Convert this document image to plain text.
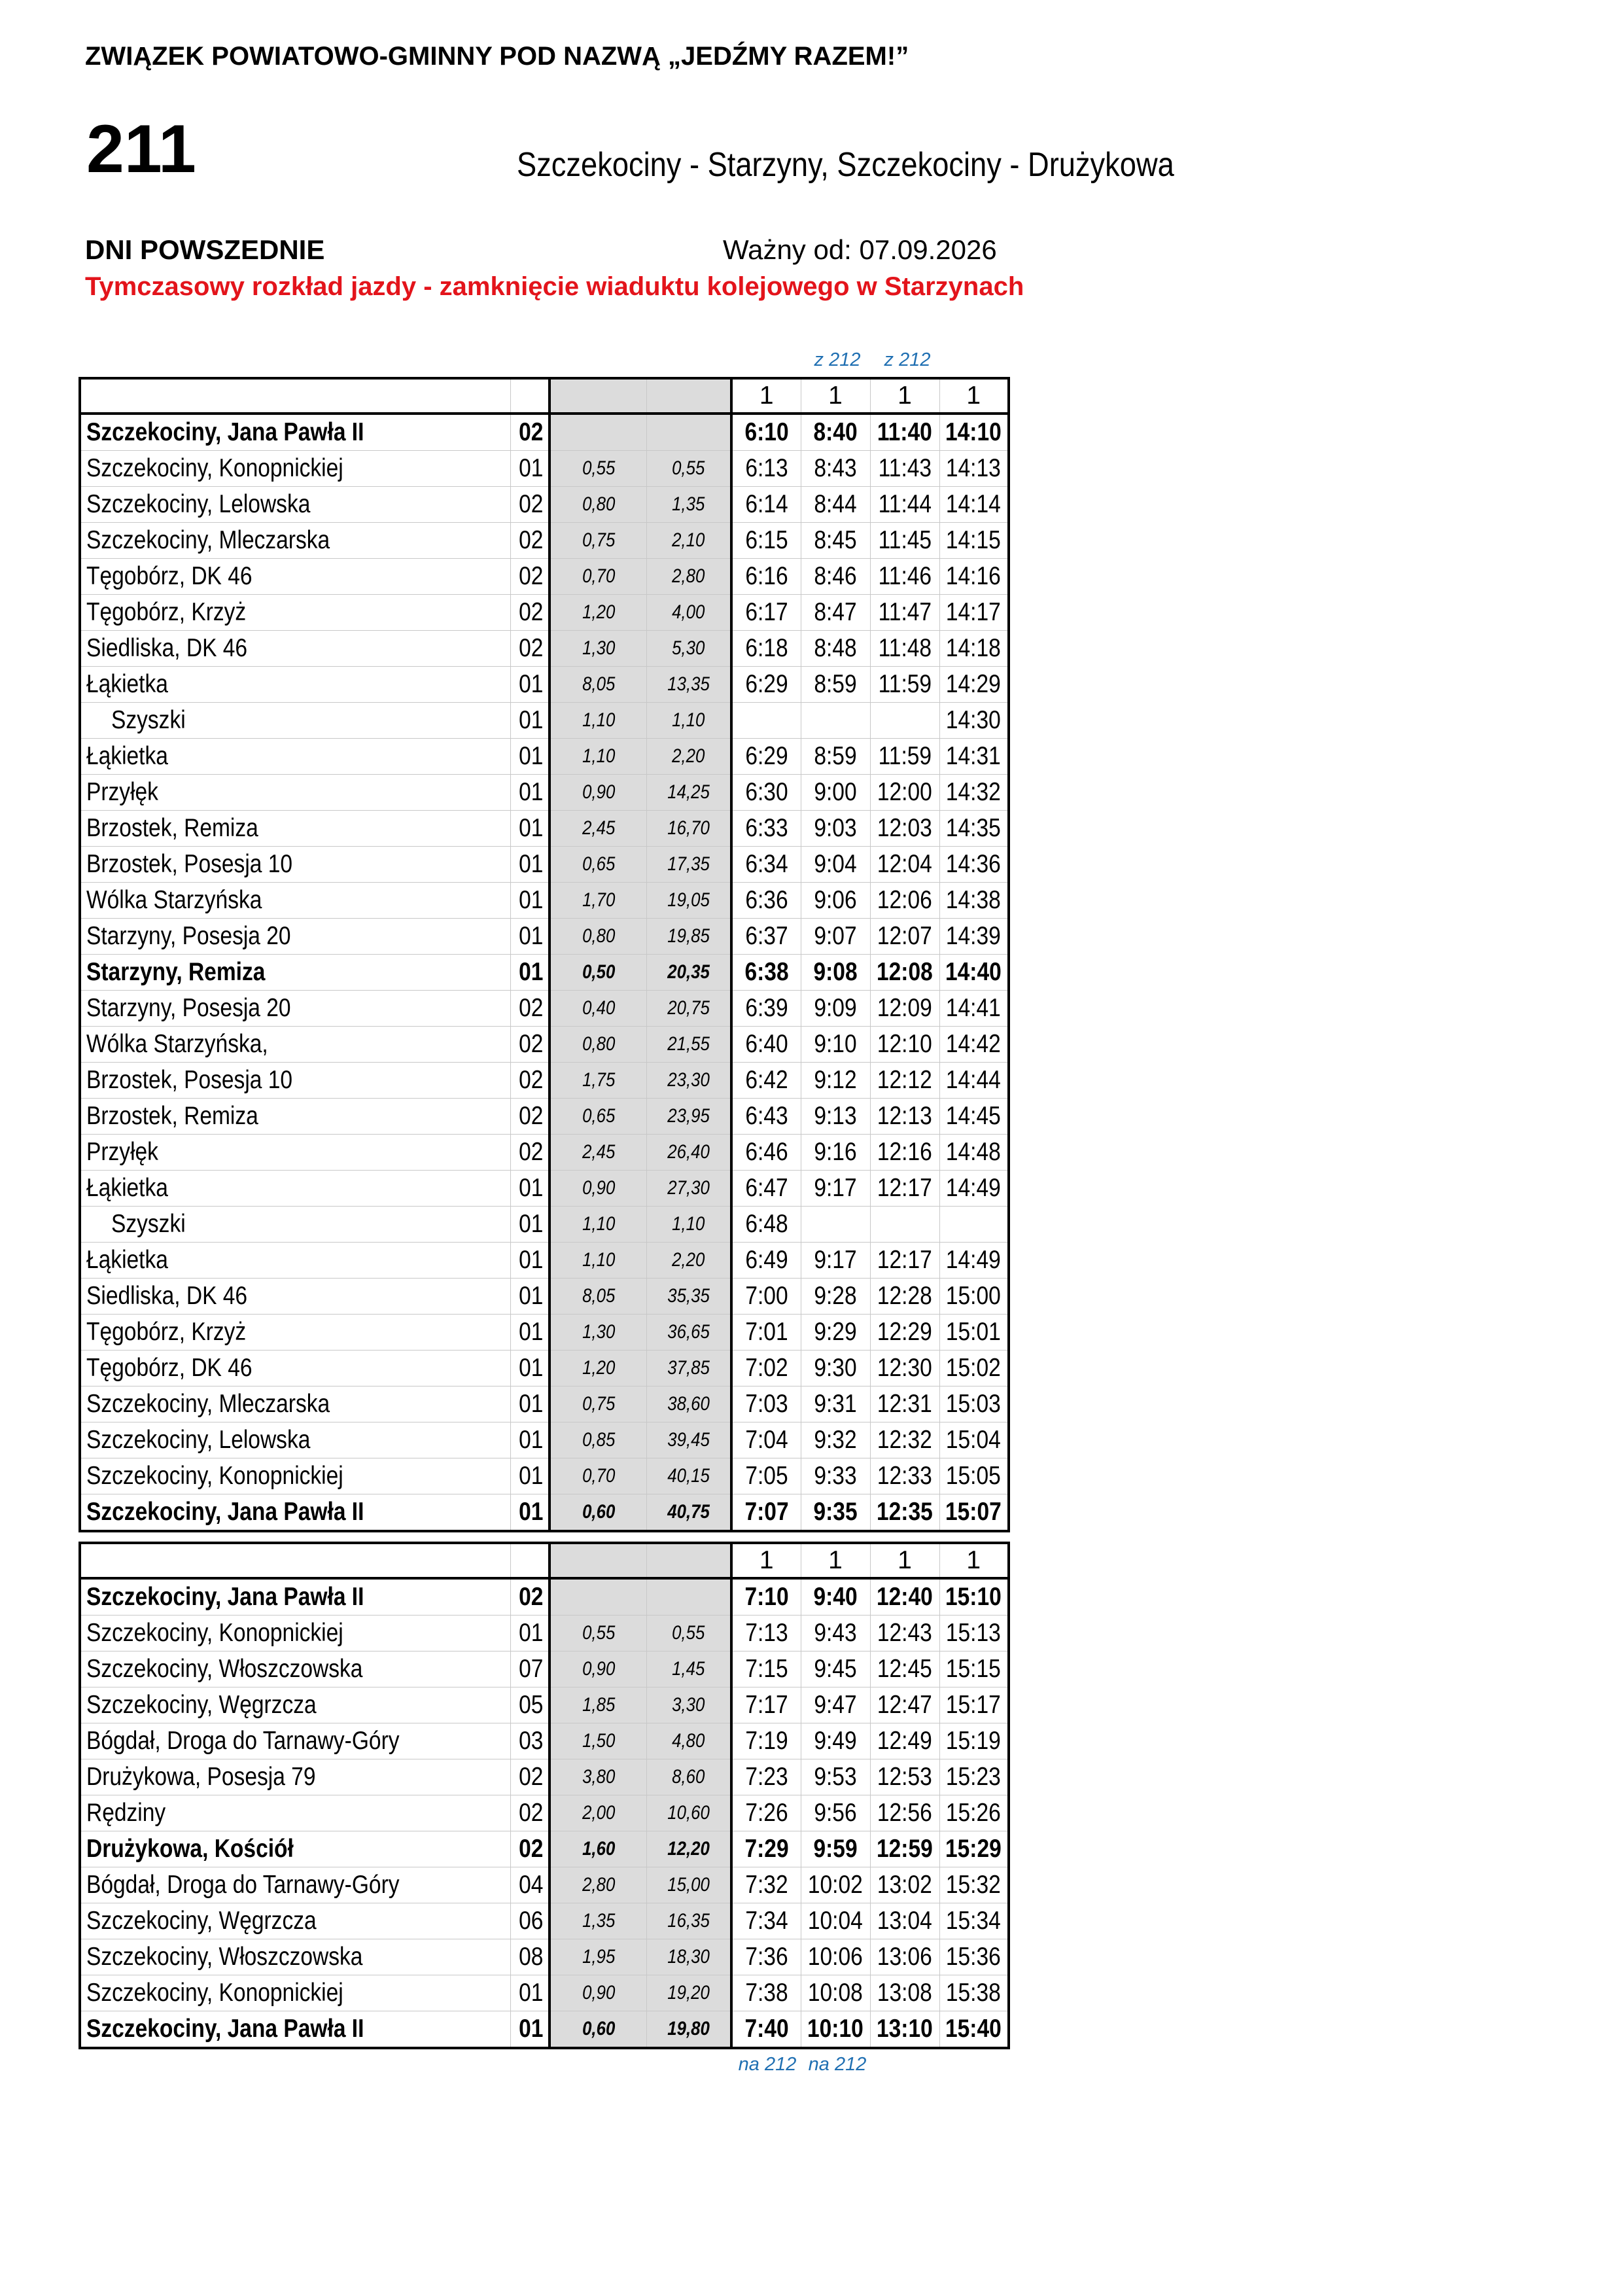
ZWIĄZEK POWIATOWO-GMINNY POD NAZWĄ „JEDŹMY RAZEM!”
211	Szczekociny - Starzyny, Szczekociny - Drużykowa
DNI POWSZEDNIE	Ważny od: 07.09.2026
Tymczasowy rozkład jazdy - zamknięcie wiaduktu kolejowego w Starzynach
				1	1	1	1
Szczekociny, Jana Pawła II	02			6:10	8:40	11:40	14:10
Szczekociny, Konopnickiej	01	0,55	0,55	6:13	8:43	11:43	14:13
Szczekociny, Lelowska	02	0,80	1,35	6:14	8:44	11:44	14:14
Szczekociny, Mleczarska	02	0,75	2,10	6:15	8:45	11:45	14:15
Tęgobórz, DK 46	02	0,70	2,80	6:16	8:46	11:46	14:16
Tęgobórz, Krzyż	02	1,20	4,00	6:17	8:47	11:47	14:17
Siedliska, DK 46	02	1,30	5,30	6:18	8:48	11:48	14:18
Łąkietka	01	8,05	13,35	6:29	8:59	11:59	14:29
Szyszki	01	1,10	1,10				14:30
Łąkietka	01	1,10	2,20	6:29	8:59	11:59	14:31
Przyłęk	01	0,90	14,25	6:30	9:00	12:00	14:32
Brzostek, Remiza	01	2,45	16,70	6:33	9:03	12:03	14:35
Brzostek, Posesja 10	01	0,65	17,35	6:34	9:04	12:04	14:36
Wólka Starzyńska	01	1,70	19,05	6:36	9:06	12:06	14:38
Starzyny, Posesja 20	01	0,80	19,85	6:37	9:07	12:07	14:39
Starzyny, Remiza	01	0,50	20,35	6:38	9:08	12:08	14:40
Starzyny, Posesja 20	02	0,40	20,75	6:39	9:09	12:09	14:41
Wólka Starzyńska,	02	0,80	21,55	6:40	9:10	12:10	14:42
Brzostek, Posesja 10	02	1,75	23,30	6:42	9:12	12:12	14:44
Brzostek, Remiza	02	0,65	23,95	6:43	9:13	12:13	14:45
Przyłęk	02	2,45	26,40	6:46	9:16	12:16	14:48
Łąkietka	01	0,90	27,30	6:47	9:17	12:17	14:49
Szyszki	01	1,10	1,10	6:48			
Łąkietka	01	1,10	2,20	6:49	9:17	12:17	14:49
Siedliska, DK 46	01	8,05	35,35	7:00	9:28	12:28	15:00
Tęgobórz, Krzyż	01	1,30	36,65	7:01	9:29	12:29	15:01
Tęgobórz, DK 46	01	1,20	37,85	7:02	9:30	12:30	15:02
Szczekociny, Mleczarska	01	0,75	38,60	7:03	9:31	12:31	15:03
Szczekociny, Lelowska	01	0,85	39,45	7:04	9:32	12:32	15:04
Szczekociny, Konopnickiej	01	0,70	40,15	7:05	9:33	12:33	15:05
Szczekociny, Jana Pawła II	01	0,60	40,75	7:07	9:35	12:35	15:07
				1	1	1	1
Szczekociny, Jana Pawła II	02			7:10	9:40	12:40	15:10
Szczekociny, Konopnickiej	01	0,55	0,55	7:13	9:43	12:43	15:13
Szczekociny, Włoszczowska	07	0,90	1,45	7:15	9:45	12:45	15:15
Szczekociny, Węgrzcza	05	1,85	3,30	7:17	9:47	12:47	15:17
Bógdał, Droga do Tarnawy-Góry	03	1,50	4,80	7:19	9:49	12:49	15:19
Drużykowa, Posesja 79	02	3,80	8,60	7:23	9:53	12:53	15:23
Rędziny	02	2,00	10,60	7:26	9:56	12:56	15:26
Drużykowa, Kościół	02	1,60	12,20	7:29	9:59	12:59	15:29
Bógdał, Droga do Tarnawy-Góry	04	2,80	15,00	7:32	10:02	13:02	15:32
Szczekociny, Węgrzcza	06	1,35	16,35	7:34	10:04	13:04	15:34
Szczekociny, Włoszczowska	08	1,95	18,30	7:36	10:06	13:06	15:36
Szczekociny, Konopnickiej	01	0,90	19,20	7:38	10:08	13:08	15:38
Szczekociny, Jana Pawła II	01	0,60	19,80	7:40	10:10	13:10	15:40
z 212	z 212
na 212 na 212
